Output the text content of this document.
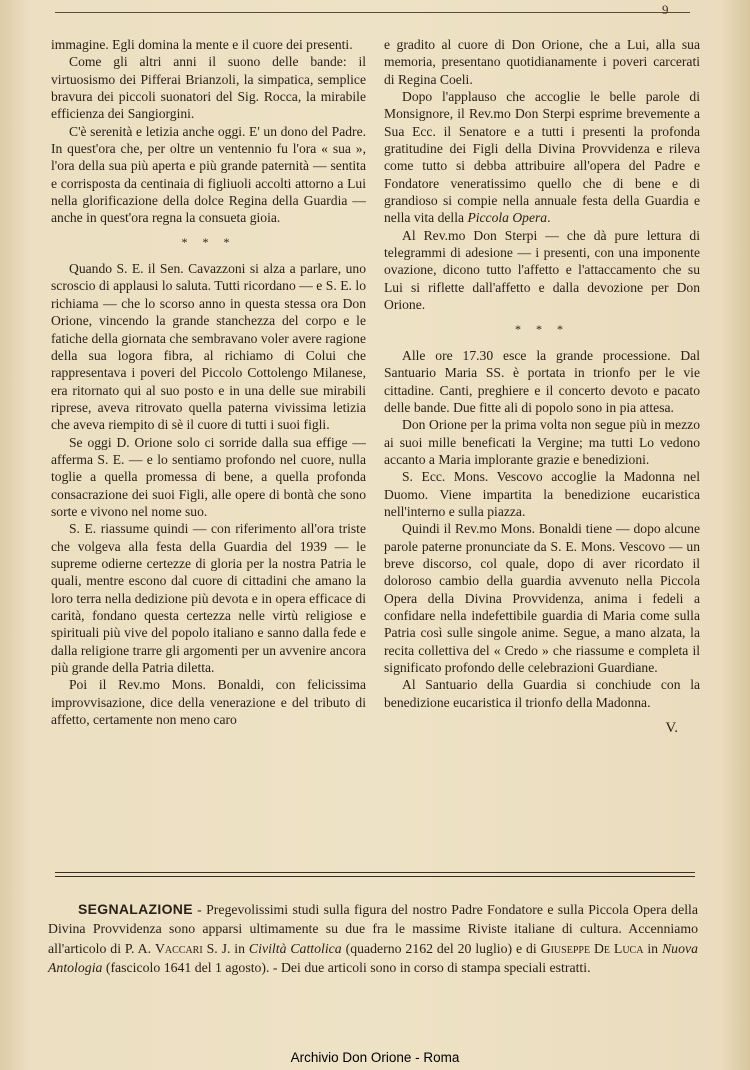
9

immagine. Egli domina la mente e il cuore dei presenti.

Come gli altri anni il suono delle bande: il virtuosismo dei Pifferai Brianzoli, la simpatica, semplice bravura dei piccoli suonatori del Sig. Rocca, la mirabile efficienza dei Sangiorgini.

C'è serenità e letizia anche oggi. E' un dono del Padre. In quest'ora che, per oltre un ventennio fu l'ora « sua », l'ora della sua più aperta e più grande paternità — sentita e corrisposta da centinaia di figliuoli accolti attorno a Lui nella glorificazione della dolce Regina della Guardia — anche in quest'ora regna la consueta gioia.

* * *

Quando S. E. il Sen. Cavazzoni si alza a parlare, uno scroscio di applausi lo saluta. Tutti ricordano — e S. E. lo richiama — che lo scorso anno in questa stessa ora Don Orione, vincendo la grande stanchezza del corpo e le fatiche della giornata che sembravano voler avere ragione della sua logora fibra, al richiamo di Colui che rappresentava i poveri del Piccolo Cottolengo Milanese, era ritornato qui al suo posto e in una delle sue mirabili riprese, aveva ritrovato quella paterna vivissima letizia che aveva riempito di sè il cuore di tutti i suoi figli.

Se oggi D. Orione solo ci sorride dalla sua effige — afferma S. E. — e lo sentiamo profondo nel cuore, nulla toglie a quella promessa di bene, a quella profonda consacrazione dei suoi Figli, alle opere di bontà che sono sorte e vivono nel nome suo.

S. E. riassume quindi — con riferimento all'ora triste che volgeva alla festa della Guardia del 1939 — le supreme odierne certezze di gloria per la nostra Patria le quali, mentre escono dal cuore di cittadini che amano la loro terra nella dedizione più devota e in opera efficace di carità, fondano questa certezza nelle virtù religiose e spirituali più vive del popolo italiano e sanno dalla fede e dalla religione trarre gli argomenti per un avvenire ancora più grande della Patria diletta.

Poi il Rev.mo Mons. Bonaldi, con felicissima improvvisazione, dice della venerazione e del tributo di affetto, certamente non meno caro

e gradito al cuore di Don Orione, che a Lui, alla sua memoria, presentano quotidianamente i poveri carcerati di Regina Coeli.

Dopo l'applauso che accoglie le belle parole di Monsignore, il Rev.mo Don Sterpi esprime brevemente a Sua Ecc. il Senatore e a tutti i presenti la profonda gratitudine dei Figli della Divina Provvidenza e rileva come tutto si debba attribuire all'opera del Padre e Fondatore veneratissimo quello che di bene e di grandioso si compie nella annuale festa della Guardia e nella vita della Piccola Opera.

Al Rev.mo Don Sterpi — che dà pure lettura di telegrammi di adesione — i presenti, con una imponente ovazione, dicono tutto l'affetto e l'attaccamento che su Lui si riflette dall'affetto e dalla devozione per Don Orione.

* * *

Alle ore 17.30 esce la grande processione. Dal Santuario Maria SS. è portata in trionfo per le vie cittadine. Canti, preghiere e il concerto devoto e pacato delle bande. Due fitte ali di popolo sono in pia attesa.

Don Orione per la prima volta non segue più in mezzo ai suoi mille beneficati la Vergine; ma tutti Lo vedono accanto a Maria implorante grazie e benedizioni.

S. Ecc. Mons. Vescovo accoglie la Madonna nel Duomo. Viene impartita la benedizione eucaristica nell'interno e sulla piazza.

Quindi il Rev.mo Mons. Bonaldi tiene — dopo alcune parole paterne pronunciate da S. E. Mons. Vescovo — un breve discorso, col quale, dopo di aver ricordato il doloroso cambio della guardia avvenuto nella Piccola Opera della Divina Provvidenza, anima i fedeli a confidare nella indefettibile guardia di Maria come sulla Patria così sulle singole anime. Segue, a mano alzata, la recita collettiva del « Credo » che riassume e completa il significato profondo delle celebrazioni Guardiane.

Al Santuario della Guardia si conchiude con la benedizione eucaristica il trionfo della Madonna.

V.

SEGNALAZIONE - Pregevolissimi studi sulla figura del nostro Padre Fondatore e sulla Piccola Opera della Divina Provvidenza sono apparsi ultimamente su due fra le massime Riviste italiane di cultura. Accenniamo all'articolo di P. A. Vaccari S. J. in Civiltà Cattolica (quaderno 2162 del 20 luglio) e di Giuseppe De Luca in Nuova Antologia (fascicolo 1641 del 1 agosto). - Dei due articoli sono in corso di stampa speciali estratti.

Archivio Don Orione - Roma
